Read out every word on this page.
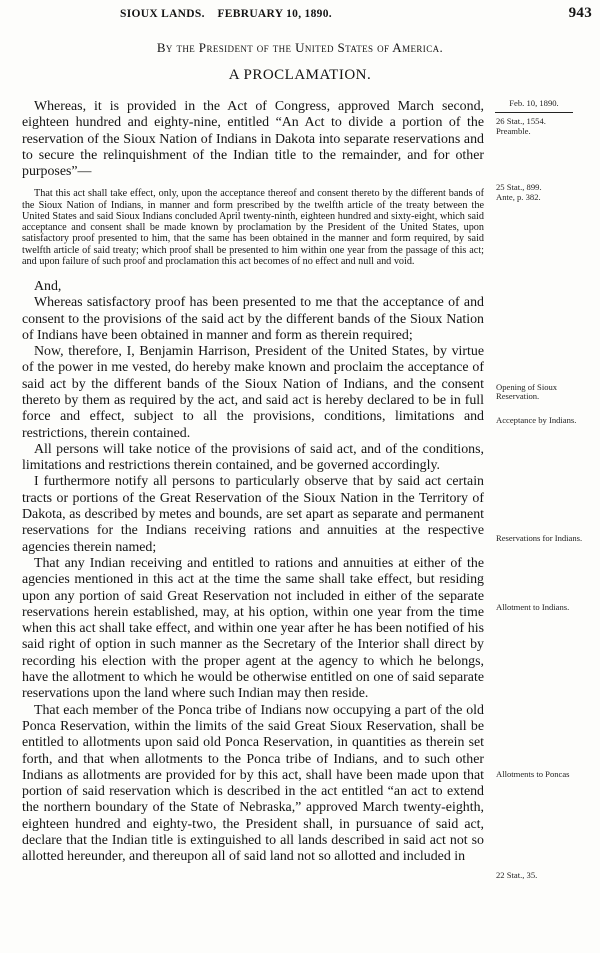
SIOUX LANDS.    FEBRUARY 10, 1890.	943
By the President of the United States of America.
A PROCLAMATION.

Whereas, it is provided in the Act of Congress, approved March second, eighteen hundred and eighty-nine, entitled “An Act to divide a portion of the reservation of the Sioux Nation of Indians in Dakota into separate reservations and to secure the relinquishment of the Indian title to the remainder, and for other purposes”—

That this act shall take effect, only, upon the acceptance thereof and consent thereto by the different bands of the Sioux Nation of Indians, in manner and form prescribed by the twelfth article of the treaty between the United States and said Sioux Indians concluded April twenty-ninth, eighteen hundred and sixty-eight, which said acceptance and consent shall be made known by proclamation by the President of the United States, upon satisfactory proof presented to him, that the same has been obtained in the manner and form required, by said twelfth article of said treaty; which proof shall be presented to him within one year from the passage of this act; and upon failure of such proof and proclamation this act becomes of no effect and null and void.

And,

Whereas satisfactory proof has been presented to me that the acceptance of and consent to the provisions of the said act by the different bands of the Sioux Nation of Indians have been obtained in manner and form as therein required;

Now, therefore, I, Benjamin Harrison, President of the United States, by virtue of the power in me vested, do hereby make known and proclaim the acceptance of said act by the different bands of the Sioux Nation of Indians, and the consent thereto by them as required by the act, and said act is hereby declared to be in full force and effect, subject to all the provisions, conditions, limitations and restrictions, therein contained.

All persons will take notice of the provisions of said act, and of the conditions, limitations and restrictions therein contained, and be governed accordingly.

I furthermore notify all persons to particularly observe that by said act certain tracts or portions of the Great Reservation of the Sioux Nation in the Territory of Dakota, as described by metes and bounds, are set apart as separate and permanent reservations for the Indians receiving rations and annuities at the respective agencies therein named;

That any Indian receiving and entitled to rations and annuities at either of the agencies mentioned in this act at the time the same shall take effect, but residing upon any portion of said Great Reservation not included in either of the separate reservations herein established, may, at his option, within one year from the time when this act shall take effect, and within one year after he has been notified of his said right of option in such manner as the Secretary of the Interior shall direct by recording his election with the proper agent at the agency to which he belongs, have the allotment to which he would be otherwise entitled on one of said separate reservations upon the land where such Indian may then reside.

That each member of the Ponca tribe of Indians now occupying a part of the old Ponca Reservation, within the limits of the said Great Sioux Reservation, shall be entitled to allotments upon said old Ponca Reservation, in quantities as therein set forth, and that when allotments to the Ponca tribe of Indians, and to such other Indians as allotments are provided for by this act, shall have been made upon that portion of said reservation which is described in the act entitled “an act to extend the northern boundary of the State of Nebraska,” approved March twenty-eighth, eighteen hundred and eighty-two, the President shall, in pursuance of said act, declare that the Indian title is extinguished to all lands described in said act not so allotted hereunder, and thereupon all of said land not so allotted and included in

Feb. 10, 1890.
26 Stat., 1554.
Preamble.
25 Stat., 899.
Ante, p. 382.
Opening of Sioux Reservation.
Acceptance by Indians.
Reservations for Indians.
Allotment to Indians.
Allotments to Poncas
22 Stat., 35.
